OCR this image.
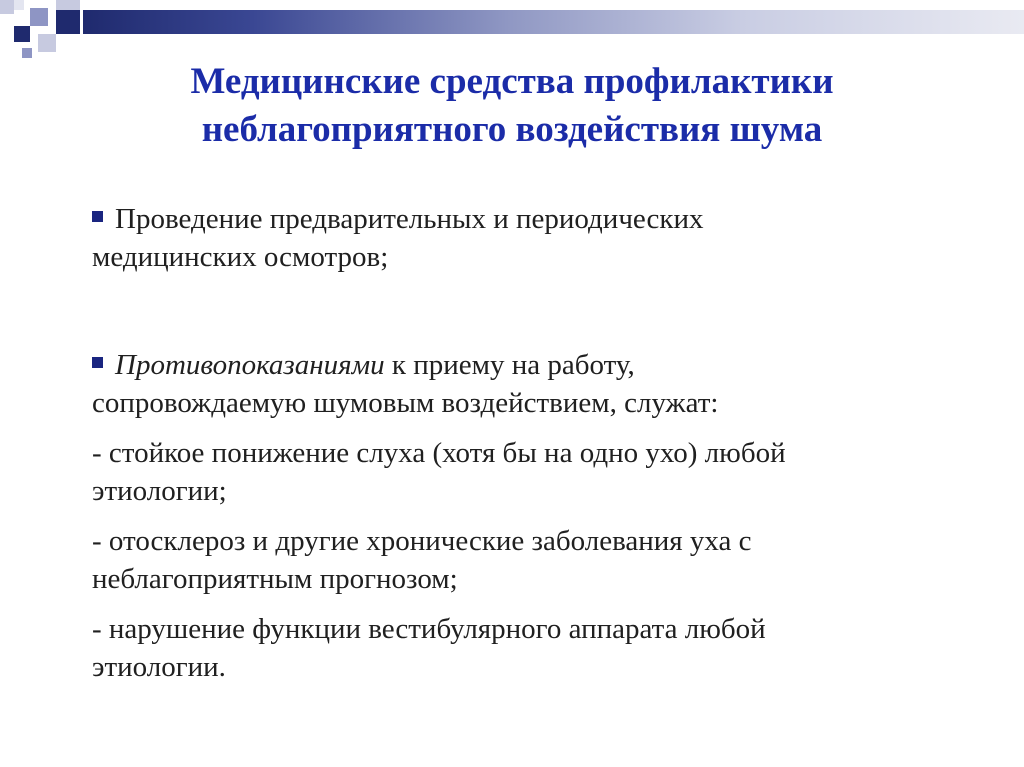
Медицинские средства профилактики
неблагоприятного воздействия шума
Проведение предварительных и периодических
медицинских осмотров;
Противопоказаниями к приему на работу,
сопровождаемую шумовым воздействием, служат:
- стойкое понижение слуха (хотя бы на одно ухо) любой
этиологии;
- отосклероз и другие хронические заболевания уха с
неблагоприятным прогнозом;
- нарушение функции вестибулярного аппарата любой
этиологии.
